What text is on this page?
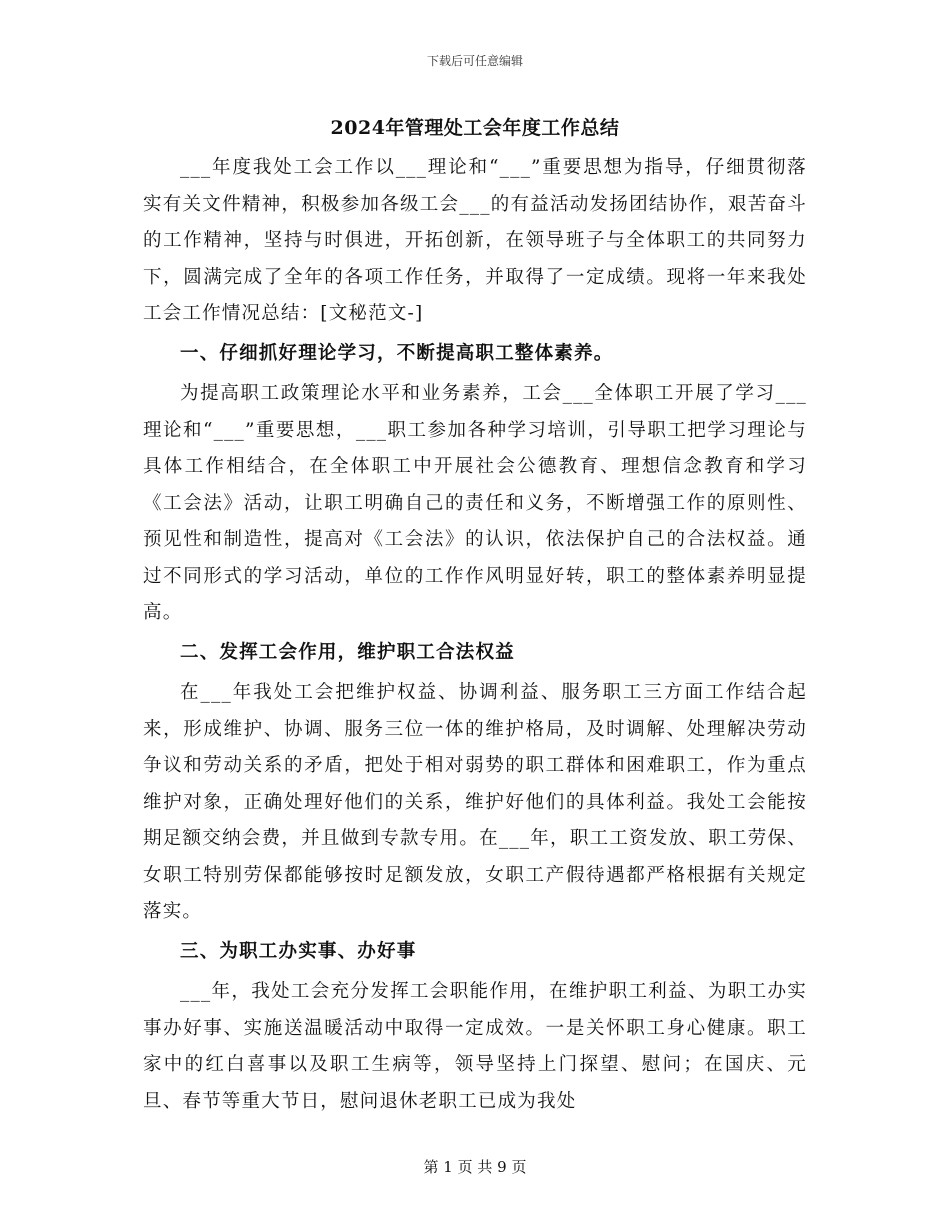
下载后可任意编辑
2024年管理处工会年度工作总结

___年度我处工会工作以___理论和“___”重要思想为指导，仔细贯彻落实有关文件精神，积极参加各级工会___的有益活动发扬团结协作，艰苦奋斗的工作精神，坚持与时俱进，开拓创新，在领导班子与全体职工的共同努力下，圆满完成了全年的各项工作任务，并取得了一定成绩。现将一年来我处工会工作情况总结：[文秘范文-]

一、仔细抓好理论学习，不断提高职工整体素养。

为提高职工政策理论水平和业务素养，工会___全体职工开展了学习___理论和“___”重要思想，___职工参加各种学习培训，引导职工把学习理论与具体工作相结合，在全体职工中开展社会公德教育、理想信念教育和学习《工会法》活动，让职工明确自己的责任和义务，不断增强工作的原则性、预见性和制造性，提高对《工会法》的认识，依法保护自己的合法权益。通过不同形式的学习活动，单位的工作作风明显好转，职工的整体素养明显提高。

二、发挥工会作用，维护职工合法权益

在___年我处工会把维护权益、协调利益、服务职工三方面工作结合起来，形成维护、协调、服务三位一体的维护格局，及时调解、处理解决劳动争议和劳动关系的矛盾，把处于相对弱势的职工群体和困难职工，作为重点维护对象，正确处理好他们的关系，维护好他们的具体利益。我处工会能按期足额交纳会费，并且做到专款专用。在___年，职工工资发放、职工劳保、女职工特别劳保都能够按时足额发放，女职工产假待遇都严格根据有关规定落实。

三、为职工办实事、办好事

___年，我处工会充分发挥工会职能作用，在维护职工利益、为职工办实事办好事、实施送温暖活动中取得一定成效。一是关怀职工身心健康。职工家中的红白喜事以及职工生病等，领导坚持上门探望、慰问；在国庆、元旦、春节等重大节日，慰问退休老职工已成为我处

第 1 页 共 9 页
